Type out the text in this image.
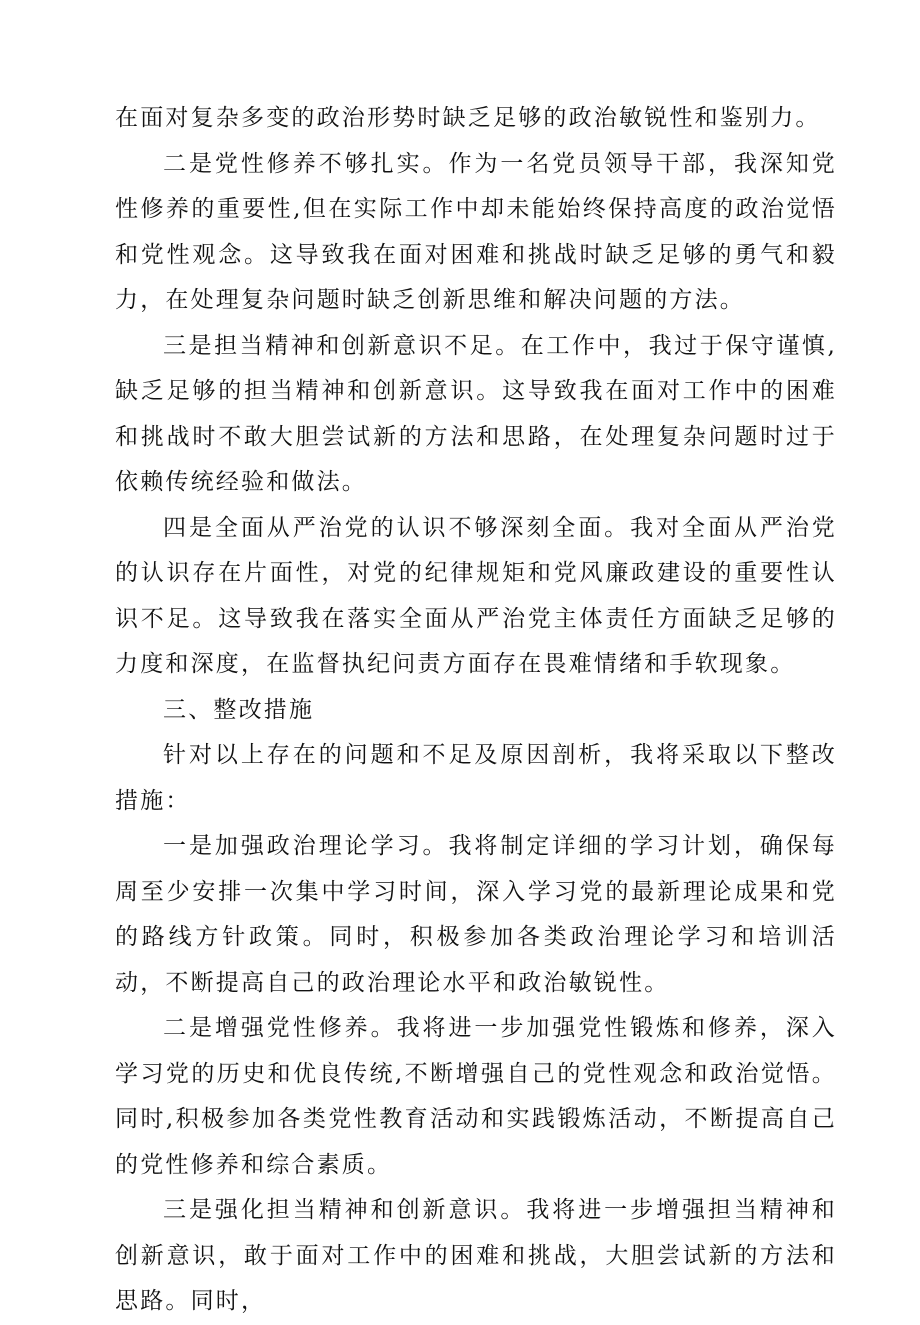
在面对复杂多变的政治形势时缺乏足够的政治敏锐性和鉴别力。

二是党性修养不够扎实。作为一名党员领导干部，我深知党性修养的重要性,但在实际工作中却未能始终保持高度的政治觉悟和党性观念。这导致我在面对困难和挑战时缺乏足够的勇气和毅力，在处理复杂问题时缺乏创新思维和解决问题的方法。

三是担当精神和创新意识不足。在工作中，我过于保守谨慎,缺乏足够的担当精神和创新意识。这导致我在面对工作中的困难和挑战时不敢大胆尝试新的方法和思路，在处理复杂问题时过于依赖传统经验和做法。

四是全面从严治党的认识不够深刻全面。我对全面从严治党的认识存在片面性，对党的纪律规矩和党风廉政建设的重要性认识不足。这导致我在落实全面从严治党主体责任方面缺乏足够的力度和深度，在监督执纪问责方面存在畏难情绪和手软现象。

三、整改措施

针对以上存在的问题和不足及原因剖析，我将采取以下整改措施：

一是加强政治理论学习。我将制定详细的学习计划，确保每周至少安排一次集中学习时间，深入学习党的最新理论成果和党的路线方针政策。同时，积极参加各类政治理论学习和培训活动，不断提高自己的政治理论水平和政治敏锐性。

二是增强党性修养。我将进一步加强党性锻炼和修养，深入学习党的历史和优良传统,不断增强自己的党性观念和政治觉悟。同时,积极参加各类党性教育活动和实践锻炼活动，不断提高自己的党性修养和综合素质。

三是强化担当精神和创新意识。我将进一步增强担当精神和创新意识，敢于面对工作中的困难和挑战，大胆尝试新的方法和思路。同时，
